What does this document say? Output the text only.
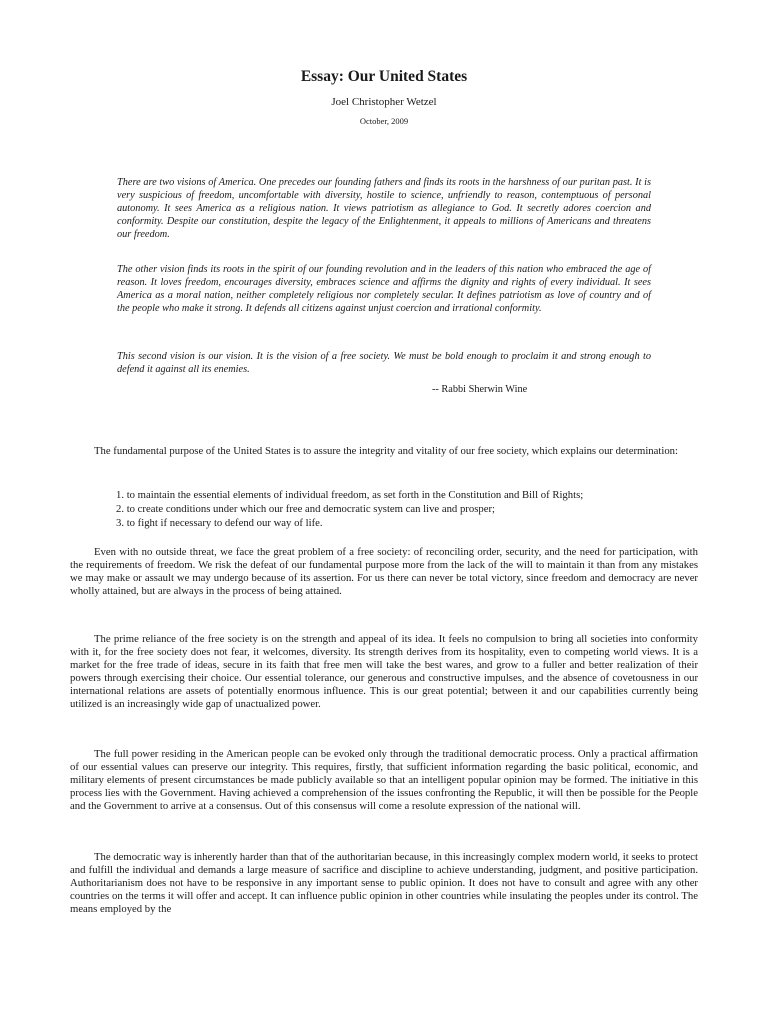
Essay: Our United States
Joel Christopher Wetzel
October, 2009
There are two visions of America. One precedes our founding fathers and finds its roots in the harshness of our puritan past. It is very suspicious of freedom, uncomfortable with diversity, hostile to science, unfriendly to reason, contemptuous of personal autonomy. It sees America as a religious nation. It views patriotism as allegiance to God. It secretly adores coercion and conformity. Despite our constitution, despite the legacy of the Enlightenment, it appeals to millions of Americans and threatens our freedom.
The other vision finds its roots in the spirit of our founding revolution and in the leaders of this nation who embraced the age of reason. It loves freedom, encourages diversity, embraces science and affirms the dignity and rights of every individual. It sees America as a moral nation, neither completely religious nor completely secular. It defines patriotism as love of country and of the people who make it strong. It defends all citizens against unjust coercion and irrational conformity.
This second vision is our vision. It is the vision of a free society. We must be bold enough to proclaim it and strong enough to defend it against all its enemies.
-- Rabbi Sherwin Wine
The fundamental purpose of the United States is to assure the integrity and vitality of our free society, which explains our determination:
1. to maintain the essential elements of individual freedom, as set forth in the Constitution and Bill of Rights;
2. to create conditions under which our free and democratic system can live and prosper;
3. to fight if necessary to defend our way of life.
Even with no outside threat, we face the great problem of a free society: of reconciling order, security, and the need for participation, with the requirements of freedom. We risk the defeat of our fundamental purpose more from the lack of the will to maintain it than from any mistakes we may make or assault we may undergo because of its assertion. For us there can never be total victory, since freedom and democracy are never wholly attained, but are always in the process of being attained.
The prime reliance of the free society is on the strength and appeal of its idea. It feels no compulsion to bring all societies into conformity with it, for the free society does not fear, it welcomes, diversity. Its strength derives from its hospitality, even to competing world views. It is a market for the free trade of ideas, secure in its faith that free men will take the best wares, and grow to a fuller and better realization of their powers through exercising their choice. Our essential tolerance, our generous and constructive impulses, and the absence of covetousness in our international relations are assets of potentially enormous influence. This is our great potential; between it and our capabilities currently being utilized is an increasingly wide gap of unactualized power.
The full power residing in the American people can be evoked only through the traditional democratic process. Only a practical affirmation of our essential values can preserve our integrity. This requires, firstly, that sufficient information regarding the basic political, economic, and military elements of present circumstances be made publicly available so that an intelligent popular opinion may be formed. The initiative in this process lies with the Government. Having achieved a comprehension of the issues confronting the Republic, it will then be possible for the People and the Government to arrive at a consensus. Out of this consensus will come a resolute expression of the national will.
The democratic way is inherently harder than that of the authoritarian because, in this increasingly complex modern world, it seeks to protect and fulfill the individual and demands a large measure of sacrifice and discipline to achieve understanding, judgment, and positive participation. Authoritarianism does not have to be responsive in any important sense to public opinion. It does not have to consult and agree with any other countries on the terms it will offer and accept. It can influence public opinion in other countries while insulating the peoples under its control. The means employed by the
